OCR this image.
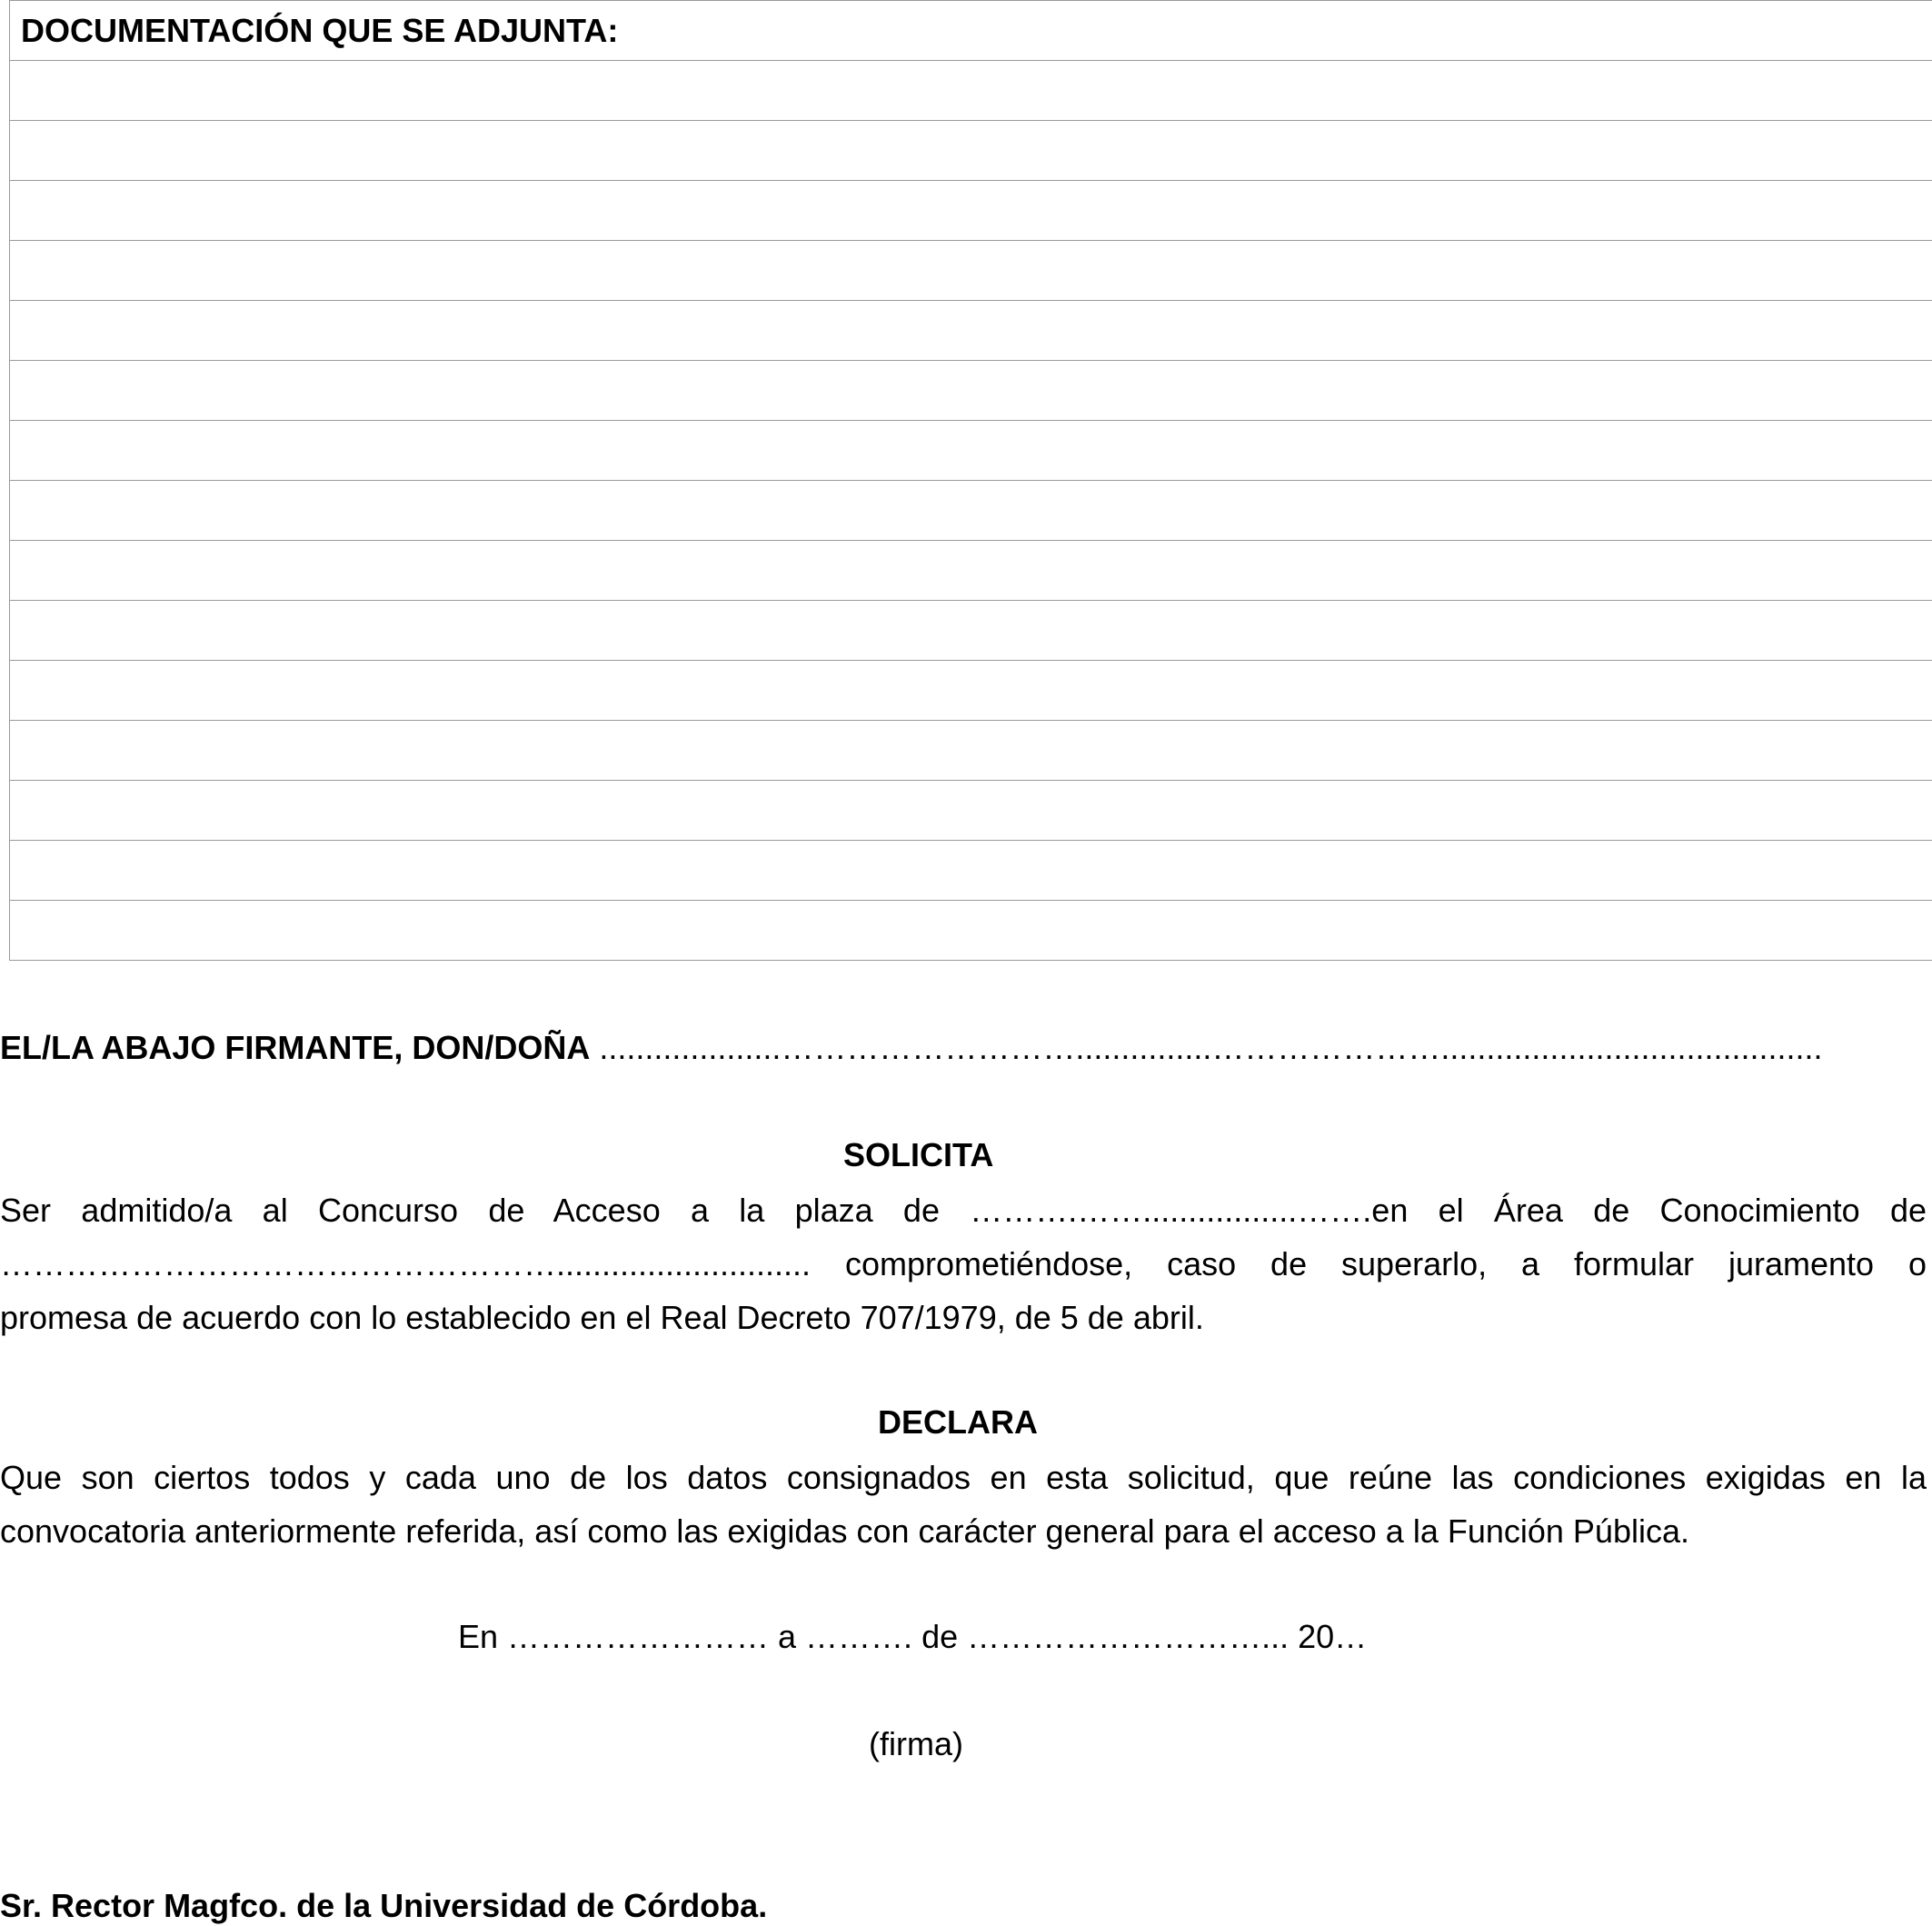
DOCUMENTACIÓN QUE SE ADJUNTA:
EL/LA ABAJO FIRMANTE, DON/DOÑA ....................………………………...............…………………..........................................
SOLICITA
Ser admitido/a al Concurso de Acceso a la plaza de ……….…….................…….en el Área de Conocimiento de
……………………………………………............................ comprometiéndose, caso de superarlo, a formular juramento o
promesa de acuerdo con lo establecido en el Real Decreto 707/1979, de 5 de abril.
DECLARA
Que son ciertos todos y cada uno de los datos consignados en esta solicitud, que reúne las condiciones exigidas en la
convocatoria anteriormente referida, así como las exigidas con carácter general para el acceso a la Función Pública.
En …………………… a ………. de ………………………... 20…
(firma)
Sr. Rector Magfco. de la Universidad de Córdoba.
